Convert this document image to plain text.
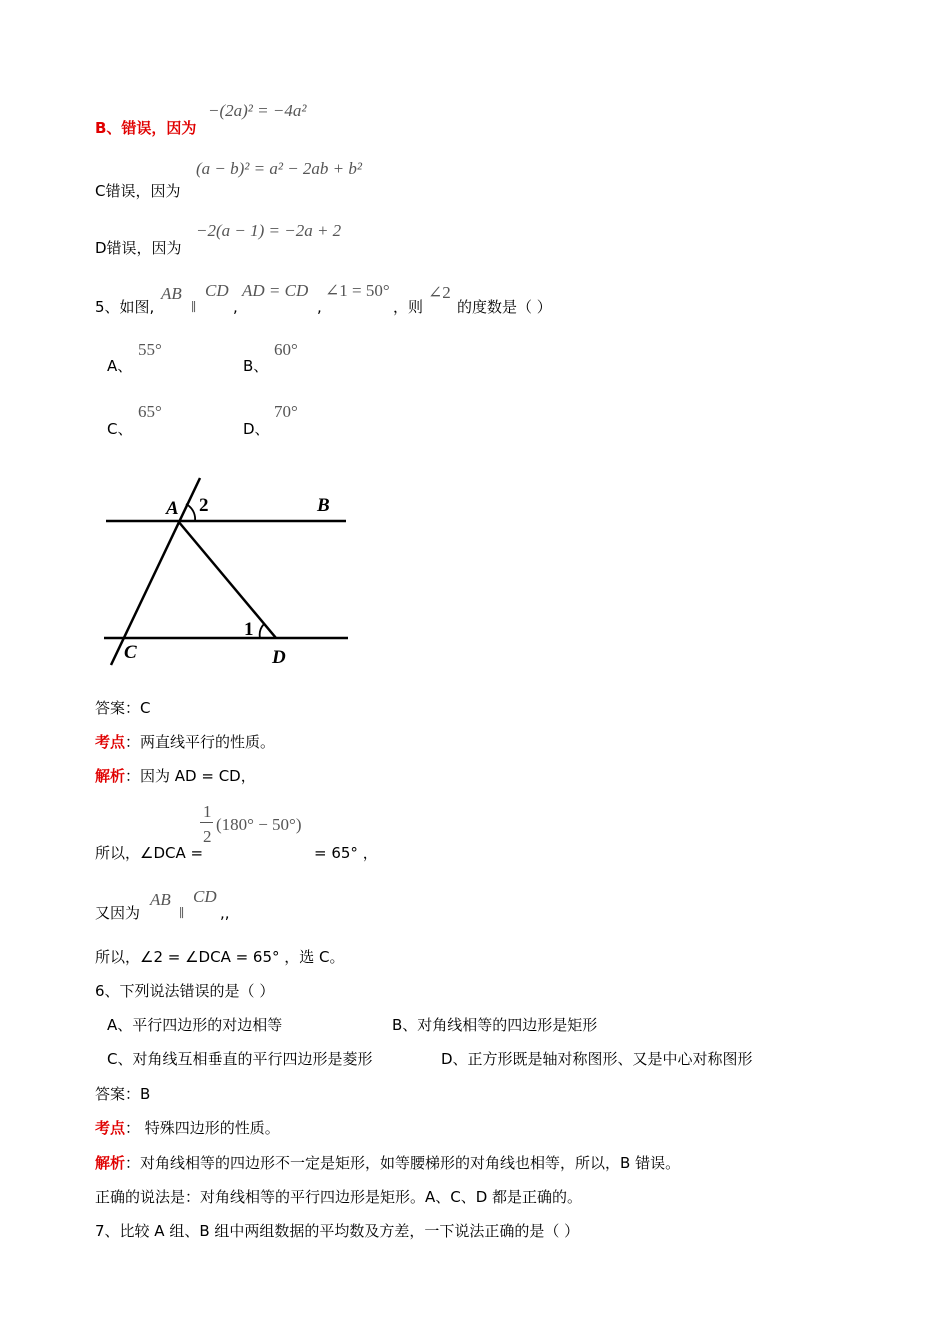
−(2a)² = −4a²
B、错误，因为
(a − b)² = a² − 2ab + b²
C错误，因为
−2(a − 1) = −2a + 2
D错误，因为
5、如图,
AB
∥
CD
,
AD = CD
,
∠1 = 50°
，则
∠2
的度数是（ ）
55°
A、
60°
B、
65°
C、
70°
D、
A 2	B
1
C	D
答案：C
考点：两直线平行的性质。
解析：因为 AD = CD，
1
2
(180° − 50°)
所以，∠DCA =	= 65° ，
又因为
AB
∥
CD
,,
所以，∠2 = ∠DCA = 65° ，选 C。
6、下列说法错误的是（ ）
A、平行四边形的对边相等	B、对角线相等的四边形是矩形
C、对角线互相垂直的平行四边形是菱形	D、正方形既是轴对称图形、又是中心对称图形
答案：B
考点： 特殊四边形的性质。
解析：对角线相等的四边形不一定是矩形，如等腰梯形的对角线也相等，所以，B 错误。
正确的说法是：对角线相等的平行四边形是矩形。A、C、D 都是正确的。
7、比较 A 组、B 组中两组数据的平均数及方差，一下说法正确的是（ ）
